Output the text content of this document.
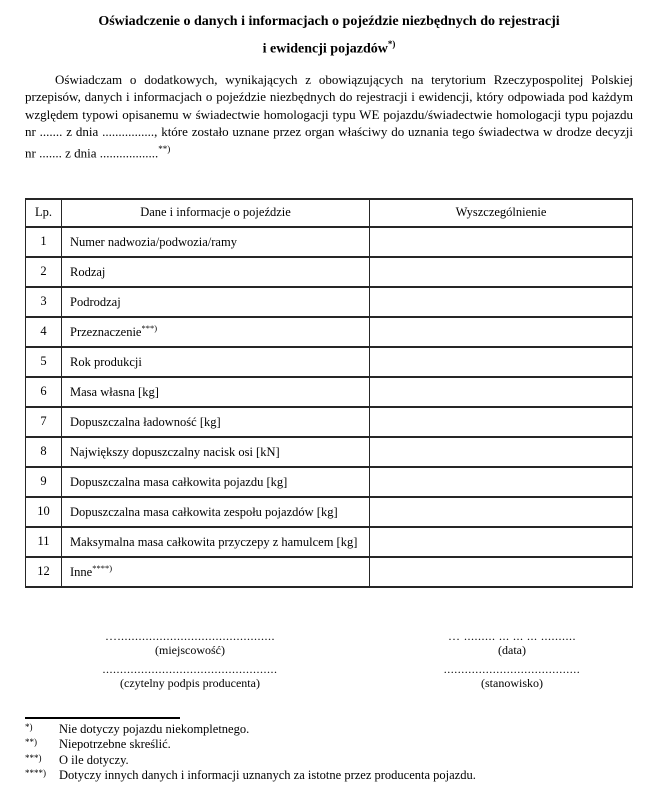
Oświadczenie o danych i informacjach o pojeździe niezbędnych do rejestracji
i ewidencji pojazdów*)

Oświadczam o dodatkowych, wynikających z obowiązujących na terytorium Rzeczypospolitej Polskiej przepisów, danych i informacjach o pojeździe niezbędnych do rejestracji i ewidencji, który odpowiada pod każdym względem typowi opisanemu w świadectwie homologacji typu WE pojazdu/świadectwie homologacji typu pojazdu nr ....... z dnia ................, które zostało uznane przez organ właściwy do uznania tego świadectwa w drodze decyzji nr ....... z dnia ..................**)

Lp.	Dane i informacje o pojeździe	Wyszczególnienie
1	Numer nadwozia/podwozia/ramy	
2	Rodzaj	
3	Podrodzaj	
4	Przeznaczenie***)	
5	Rok produkcji	
6	Masa własna [kg]	
7	Dopuszczalna ładowność [kg]	
8	Największy dopuszczalny nacisk osi [kN]	
9	Dopuszczalna masa całkowita pojazdu [kg]	
10	Dopuszczalna masa całkowita zespołu pojazdów [kg]	
11	Maksymalna masa całkowita przyczepy z hamulcem [kg]	
12	Inne****)	
….............................................
(miejscowość)
..................................................
(czytelny podpis producenta)
… ......... ... ... ... ..........
(data)
.......................................
(stanowisko)
*)	Nie dotyczy pojazdu niekompletnego.
**)	Niepotrzebne skreślić.
***)	O ile dotyczy.
****)	Dotyczy innych danych i informacji uznanych za istotne przez producenta pojazdu.
